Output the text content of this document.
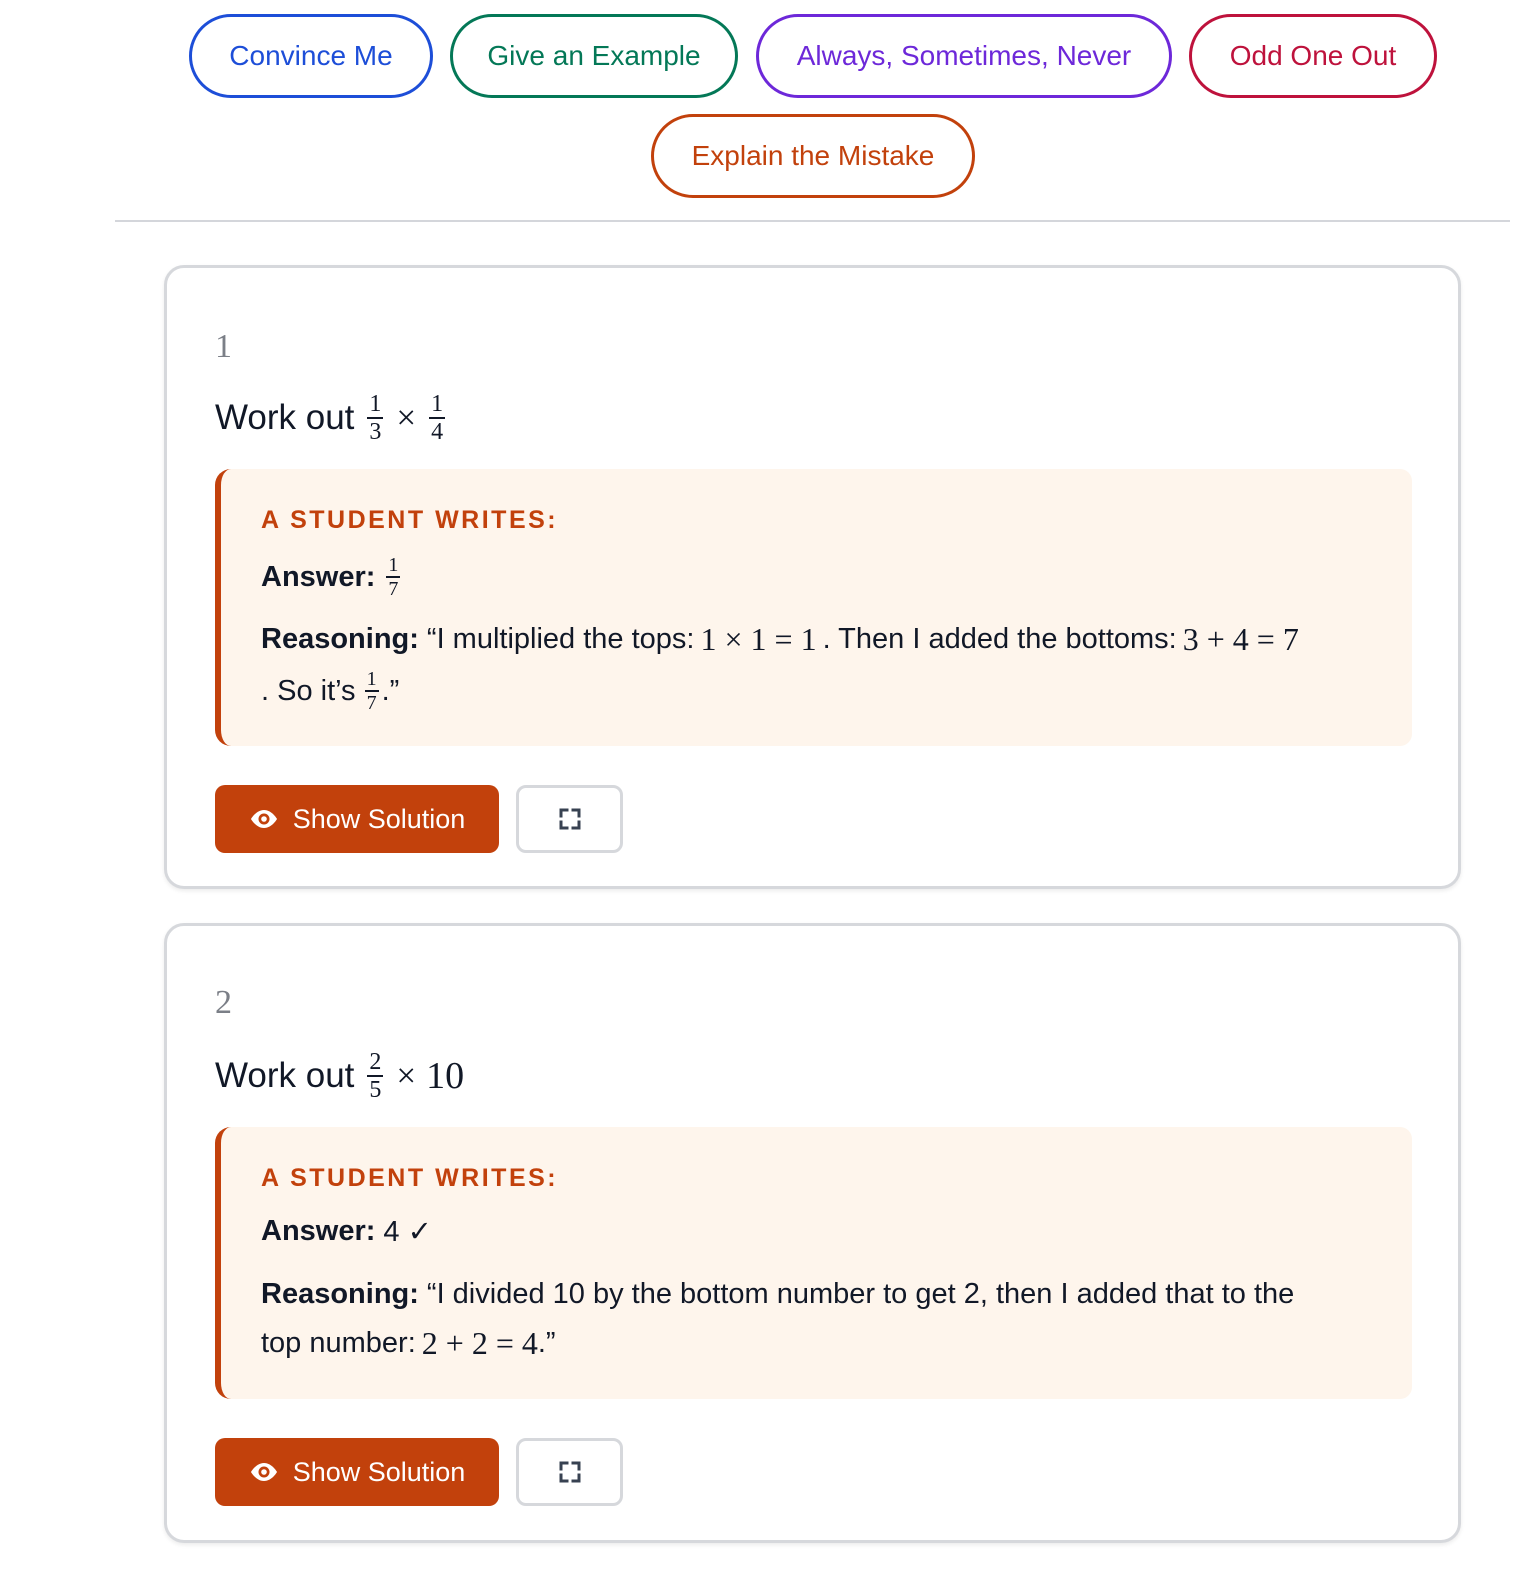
Convince Me	Give an Example	Always, Sometimes, Never	Odd One Out
Explain the Mistake
1
Work out $\frac{1}{3} \times \frac{1}{4}$
A STUDENT WRITES:
Answer: $\frac{1}{7}$
Reasoning: “I multiplied the tops: 1 × 1 = 1 . Then I added the bottoms: 3 + 4 = 7
. So it’s $\frac{1}{7}$ .”
Show Solution
2
Work out $\frac{2}{5} \times 10$
A STUDENT WRITES:
Answer: 4 ✓
Reasoning: “I divided 10 by the bottom number to get 2, then I added that to the
top number: 2 + 2 = 4 .”
Show Solution
